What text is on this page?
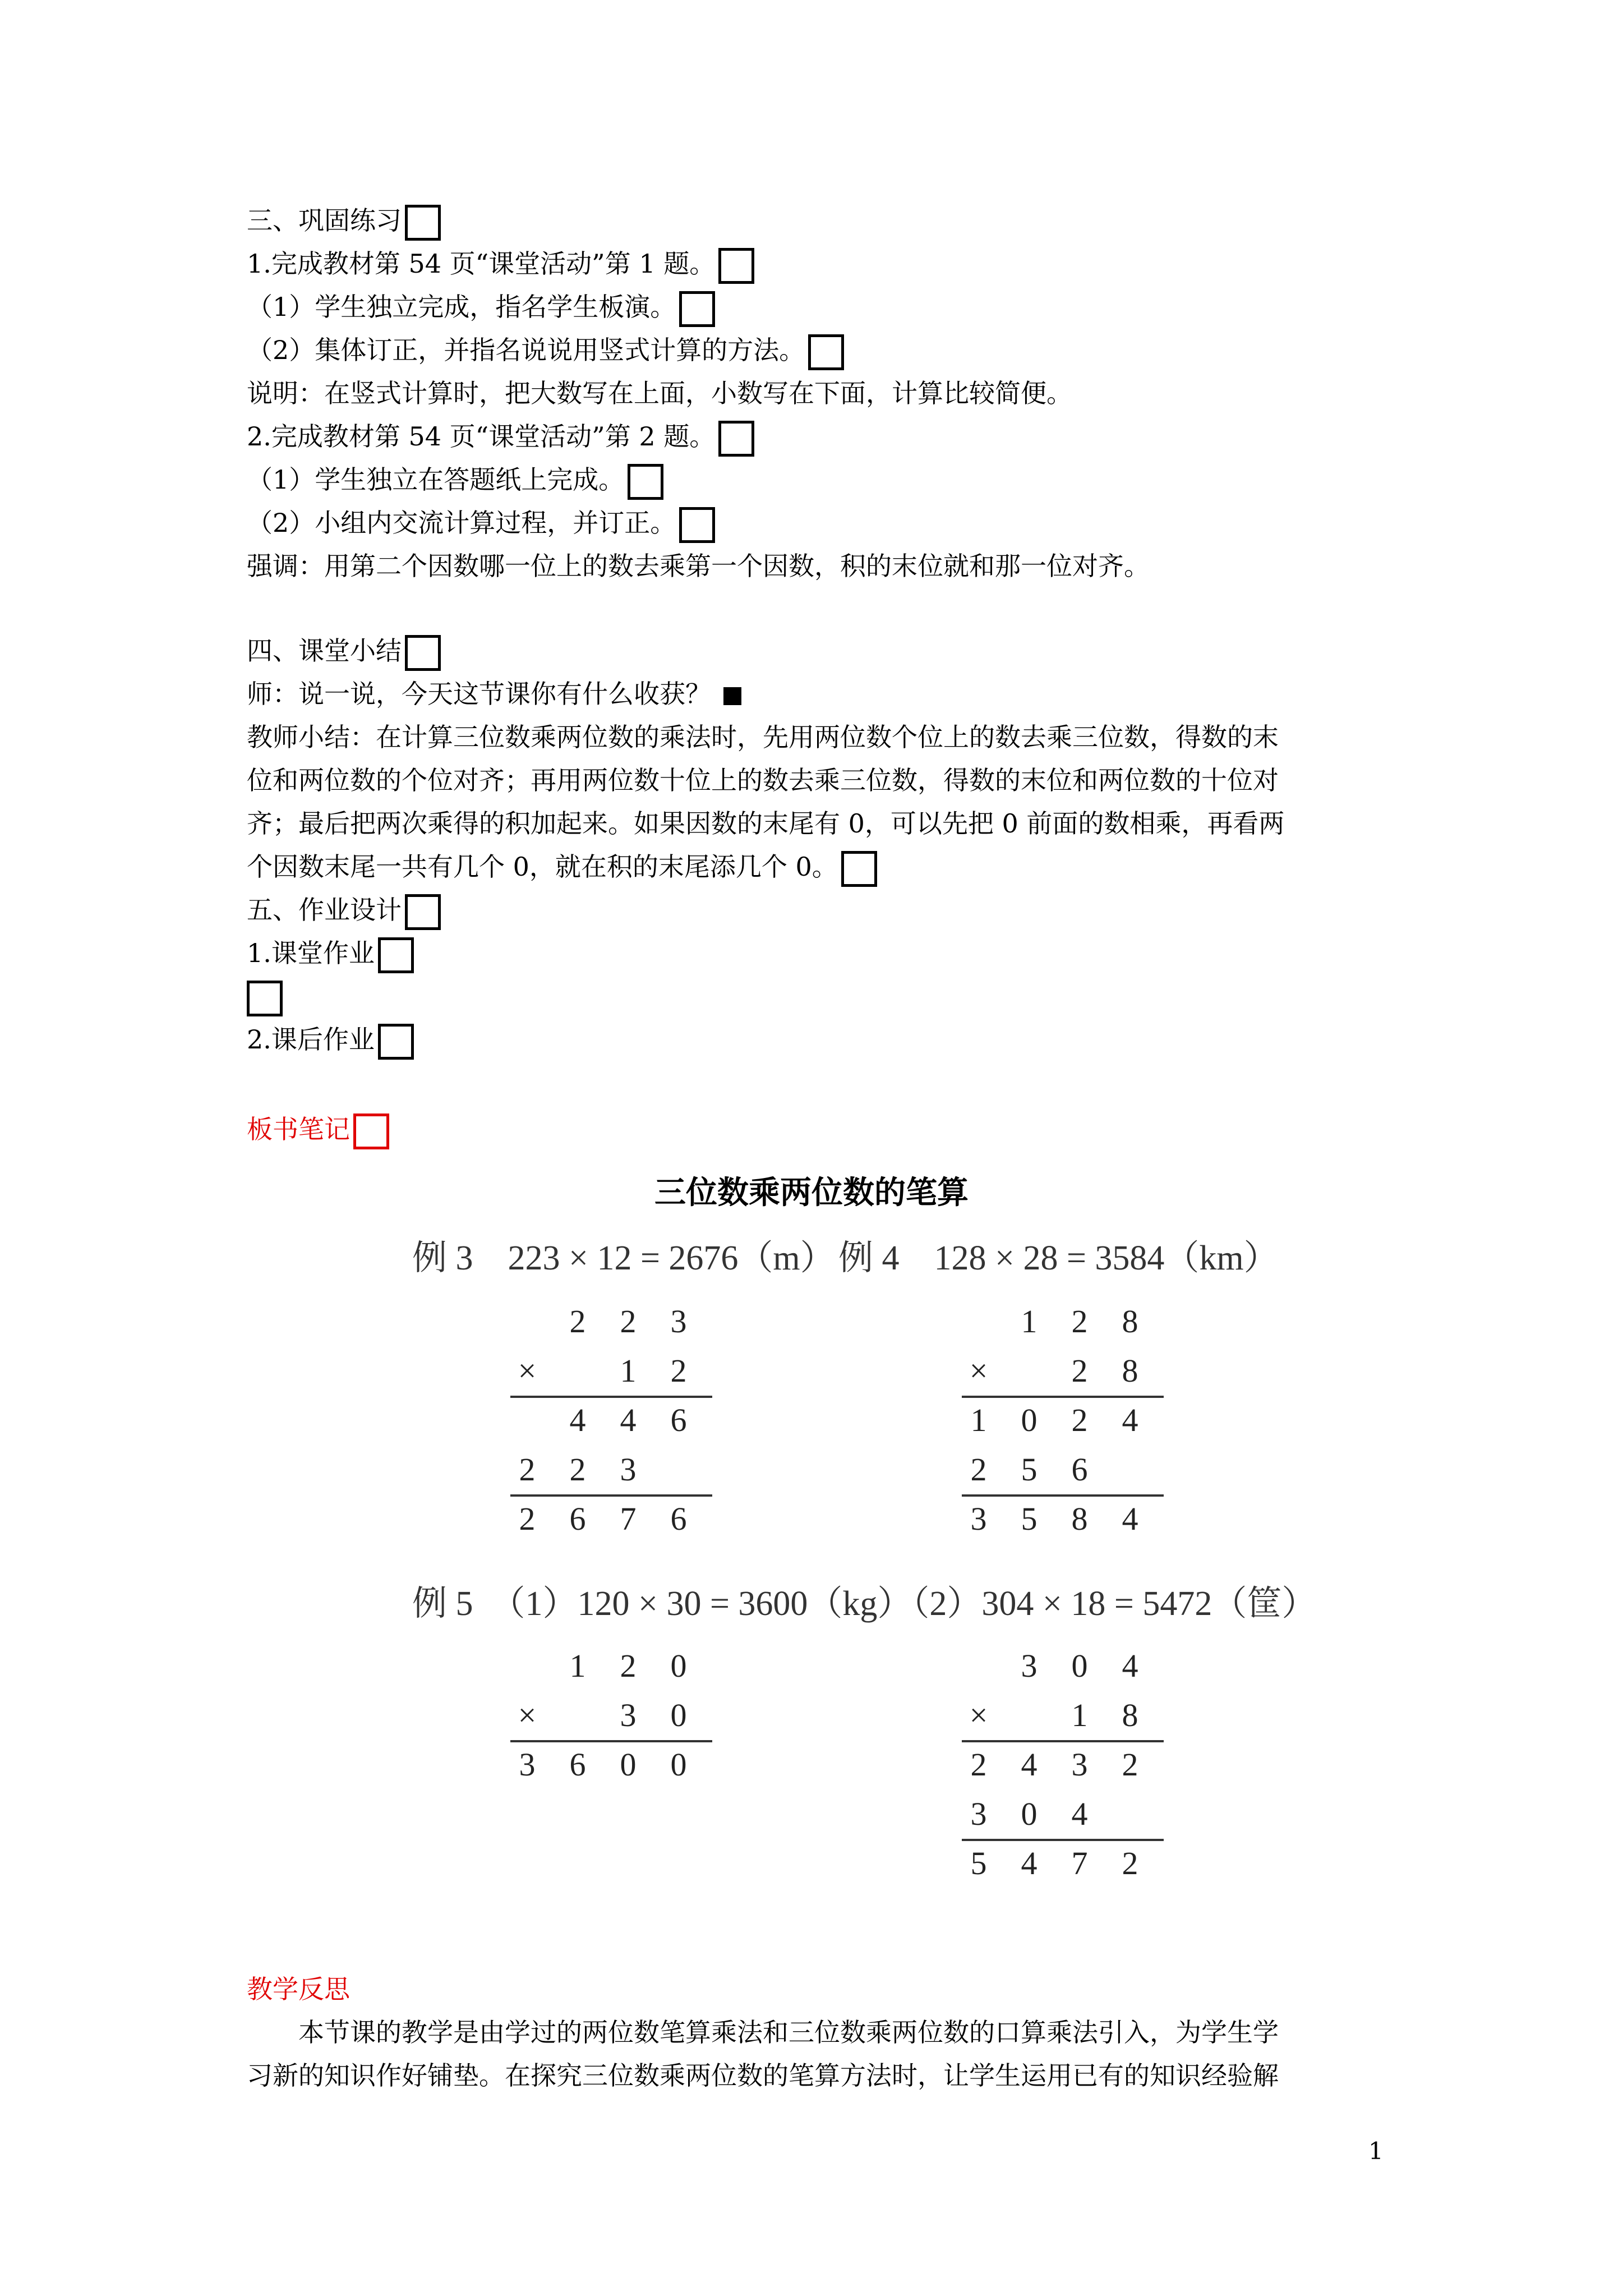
三、巩固练习
1.完成教材第 54 页“课堂活动”第 1 题。
（1）学生独立完成，指名学生板演。
（2）集体订正，并指名说说用竖式计算的方法。
说明：在竖式计算时，把大数写在上面，小数写在下面，计算比较简便。
2.完成教材第 54 页“课堂活动”第 2 题。
（1）学生独立在答题纸上完成。
（2）小组内交流计算过程，并订正。
强调：用第二个因数哪一位上的数去乘第一个因数，积的末位就和那一位对齐。
四、课堂小结
师：说一说，今天这节课你有什么收获？
教师小结：在计算三位数乘两位数的乘法时，先用两位数个位上的数去乘三位数，得数的末
位和两位数的个位对齐；再用两位数十位上的数去乘三位数，得数的末位和两位数的十位对
齐；最后把两次乘得的积加起来。如果因数的末尾有 0，可以先把 0 前面的数相乘，再看两
个因数末尾一共有几个 0，就在积的末尾添几个 0。
五、作业设计
1.课堂作业
2.课后作业
板书笔记
三位数乘两位数的笔算
例 3　223 × 12 = 2676（m） 例 4　128 × 28 = 3584（km）
2 2 3
×	1 2
4 4 6
2 2 3
2 6 7 6
1 2 8
×	2 8
1 0 2 4
2 5 6
3 5 8 4
例 5　（1）120 × 30 = 3600（kg）（2）304 × 18 = 5472（筐）
1 2 0
×	3 0
3 6 0 0
3 0 4
×	1 8
2 4 3 2
3 0 4
5 4 7 2
教学反思
　　本节课的教学是由学过的两位数笔算乘法和三位数乘两位数的口算乘法引入，为学生学
习新的知识作好铺垫。在探究三位数乘两位数的笔算方法时，让学生运用已有的知识经验解
1
